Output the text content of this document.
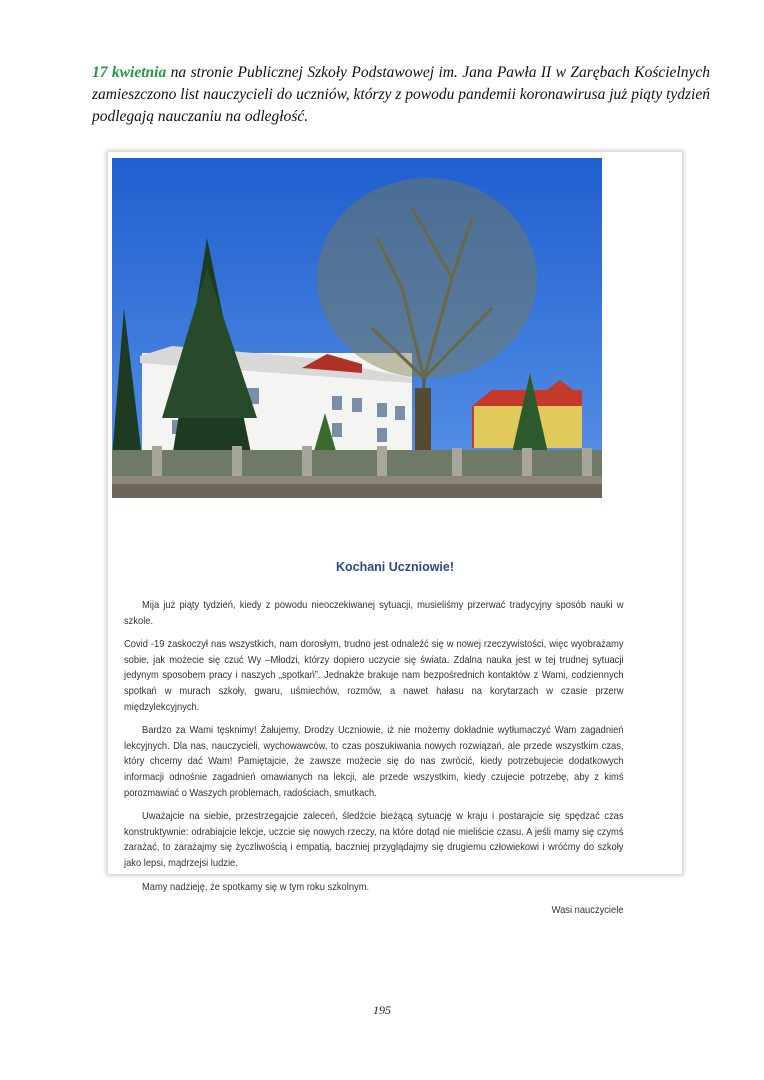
17 kwietnia na stronie Publicznej Szkoły Podstawowej im. Jana Pawła II w Zarębach Kościelnych zamieszczono list nauczycieli do uczniów, którzy z powodu pandemii koronawirusa już piąty tydzień podlegają nauczaniu na odległość.

Kochani Uczniowie!

Mija już piąty tydzień, kiedy z powodu nieoczekiwanej sytuacji, musieliśmy przerwać tradycyjny sposób nauki w szkole.

Covid -19 zaskoczył nas wszystkich, nam dorosłym, trudno jest odnaleźć się w nowej rzeczywistości, więc wyobrażamy sobie, jak możecie się czuć Wy –Młodzi, którzy dopiero uczycie się świata. Zdalna nauka jest w tej trudnej sytuacji jedynym sposobem pracy i naszych „spotkań”. Jednakże brakuje nam bezpośrednich kontaktów z Wami, codziennych spotkań w murach szkoły, gwaru, uśmiechów, rozmów, a nawet hałasu na korytarzach w czasie przerw międzylekcyjnych.

Bardzo za Wami tęsknimy! Żałujemy, Drodzy Uczniowie, iż nie możemy dokładnie wytłumaczyć Wam zagadnień lekcyjnych. Dla nas, nauczycieli, wychowawców, to czas poszukiwania nowych rozwiązań, ale przede wszystkim czas, który chcemy dać Wam! Pamiętajcie, że zawsze możecie się do nas zwrócić, kiedy potrzebujecie dodatkowych informacji odnośnie zagadnień omawianych na lekcji, ale przede wszystkim, kiedy czujecie potrzebę, aby z kimś porozmawiać o Waszych problemach, radościach, smutkach.

Uważajcie na siebie, przestrzegajcie zaleceń, śledźcie bieżącą sytuację w kraju i postarajcie się spędzać czas konstruktywnie: odrabiajcie lekcje, uczcie się nowych rzeczy, na które dotąd nie mieliście czasu. A jeśli mamy się czymś zarażać, to zarażajmy się życzliwością i empatią, baczniej przyglądajmy się drugiemu człowiekowi i wróćmy do szkoły jako lepsi, mądrzejsi ludzie.

Mamy nadzieję, że spotkamy się w tym roku szkolnym.

Wasi nauczyciele

195
